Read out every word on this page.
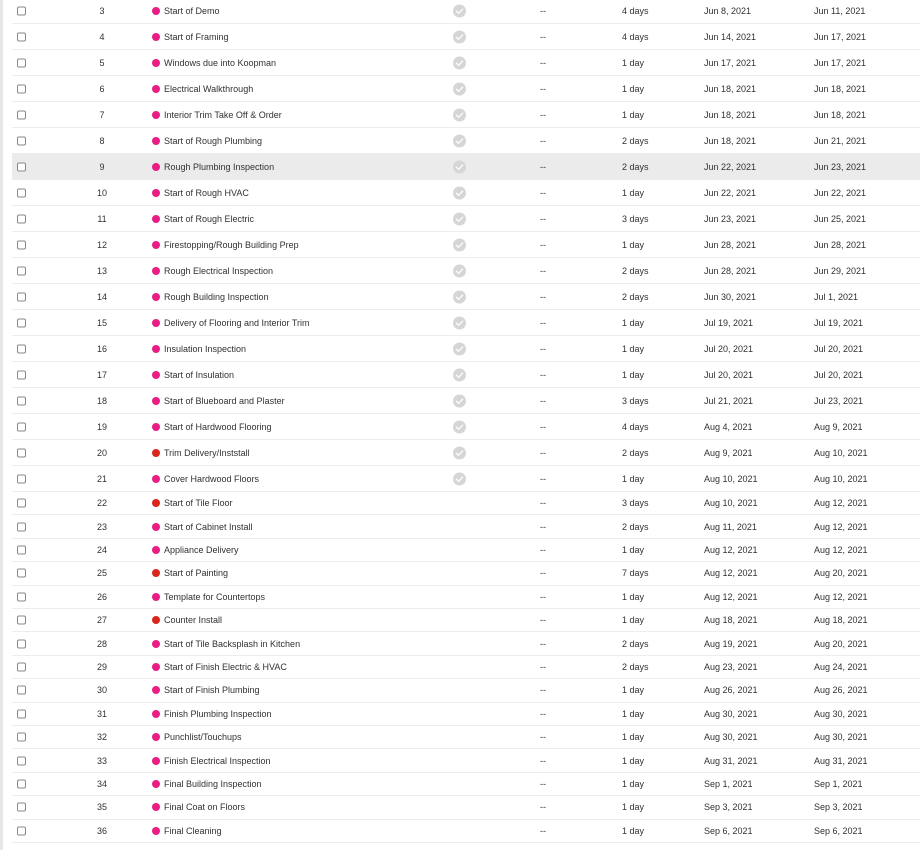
3	Start of Demo	--	4 days	Jun 8, 2021	Jun 11, 2021
4	Start of Framing	--	4 days	Jun 14, 2021	Jun 17, 2021
5	Windows due into Koopman	--	1 day	Jun 17, 2021	Jun 17, 2021
6	Electrical Walkthrough	--	1 day	Jun 18, 2021	Jun 18, 2021
7	Interior Trim Take Off & Order	--	1 day	Jun 18, 2021	Jun 18, 2021
8	Start of Rough Plumbing	--	2 days	Jun 18, 2021	Jun 21, 2021
9	Rough Plumbing Inspection	--	2 days	Jun 22, 2021	Jun 23, 2021
10	Start of Rough HVAC	--	1 day	Jun 22, 2021	Jun 22, 2021
11	Start of Rough Electric	--	3 days	Jun 23, 2021	Jun 25, 2021
12	Firestopping/Rough Building Prep	--	1 day	Jun 28, 2021	Jun 28, 2021
13	Rough Electrical Inspection	--	2 days	Jun 28, 2021	Jun 29, 2021
14	Rough Building Inspection	--	2 days	Jun 30, 2021	Jul 1, 2021
15	Delivery of Flooring and Interior Trim	--	1 day	Jul 19, 2021	Jul 19, 2021
16	Insulation Inspection	--	1 day	Jul 20, 2021	Jul 20, 2021
17	Start of Insulation	--	1 day	Jul 20, 2021	Jul 20, 2021
18	Start of Blueboard and Plaster	--	3 days	Jul 21, 2021	Jul 23, 2021
19	Start of Hardwood Flooring	--	4 days	Aug 4, 2021	Aug 9, 2021
20	Trim Delivery/Inststall	--	2 days	Aug 9, 2021	Aug 10, 2021
21	Cover Hardwood Floors	--	1 day	Aug 10, 2021	Aug 10, 2021
22	Start of Tile Floor	--	3 days	Aug 10, 2021	Aug 12, 2021
23	Start of Cabinet Install	--	2 days	Aug 11, 2021	Aug 12, 2021
24	Appliance Delivery	--	1 day	Aug 12, 2021	Aug 12, 2021
25	Start of Painting	--	7 days	Aug 12, 2021	Aug 20, 2021
26	Template for Countertops	--	1 day	Aug 12, 2021	Aug 12, 2021
27	Counter Install	--	1 day	Aug 18, 2021	Aug 18, 2021
28	Start of Tile Backsplash in Kitchen	--	2 days	Aug 19, 2021	Aug 20, 2021
29	Start of Finish Electric & HVAC	--	2 days	Aug 23, 2021	Aug 24, 2021
30	Start of Finish Plumbing	--	1 day	Aug 26, 2021	Aug 26, 2021
31	Finish Plumbing Inspection	--	1 day	Aug 30, 2021	Aug 30, 2021
32	Punchlist/Touchups	--	1 day	Aug 30, 2021	Aug 30, 2021
33	Finish Electrical Inspection	--	1 day	Aug 31, 2021	Aug 31, 2021
34	Final Building Inspection	--	1 day	Sep 1, 2021	Sep 1, 2021
35	Final Coat on Floors	--	1 day	Sep 3, 2021	Sep 3, 2021
36	Final Cleaning	--	1 day	Sep 6, 2021	Sep 6, 2021
